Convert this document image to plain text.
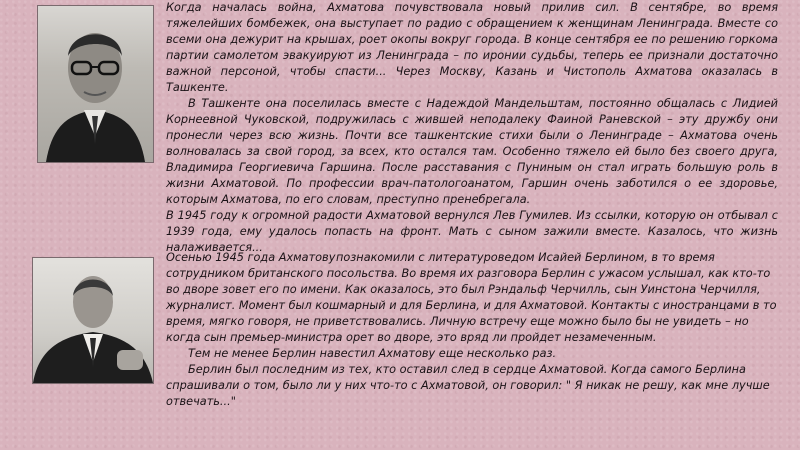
Когда началась война, Ахматова почувствовала новый прилив сил. В сентябре, во время тяжелейших бомбежек, она выступает по радио с обращением к женщинам Ленинграда. Вместе со всеми она дежурит на крышах, роет окопы вокруг города. В конце сентября ее по решению горкома партии самолетом эвакуируют из Ленинграда – по иронии судьбы, теперь ее признали достаточно важной персоной, чтобы спасти... Через Москву, Казань и Чистополь Ахматова оказалась в Ташкенте.

В Ташкенте она поселилась вместе с Надеждой Мандельштам, постоянно общалась с Лидией Корнеевной Чуковской, подружилась с жившей неподалеку Фаиной Раневской – эту дружбу они пронесли через всю жизнь. Почти все ташкентские стихи были о Ленинграде – Ахматова очень волновалась за свой город, за всех, кто остался там. Особенно тяжело ей было без своего друга, Владимира Георгиевича Гаршина. После расставания с Пуниным он стал играть большую роль в жизни Ахматовой. По профессии врач-патологоанатом, Гаршин очень заботился о ее здоровье, которым Ахматова, по его словам, преступно пренебрегала.

В 1945 году к огромной радости Ахматовой вернулся Лев Гумилев. Из ссылки, которую он отбывал с 1939 года, ему удалось попасть на фронт. Мать с сыном зажили вместе. Казалось, что жизнь налаживается...

Осенью 1945 года Ахматову познакомили с литературоведом Исайей Берлином, в то время сотрудником британского посольства. Во время их разговора Берлин с ужасом услышал, как кто-то во дворе зовет его по имени. Как оказалось, это был Рэндальф Черчилль, сын Уинстона Черчилля, журналист. Момент был кошмарный и для Берлина, и для Ахматовой. Контакты с иностранцами в то время, мягко говоря, не приветствовались. Личную встречу еще можно было бы не увидеть – но когда сын премьер-министра орет во дворе, это вряд ли пройдет незамеченным.

Тем не менее Берлин навестил Ахматову еще несколько раз.

Берлин был последним из тех, кто оставил след в сердце Ахматовой. Когда самого Берлина спрашивали о том, было ли у них что-то с Ахматовой, он говорил: " Я никак не решу, как мне лучше отвечать..."
